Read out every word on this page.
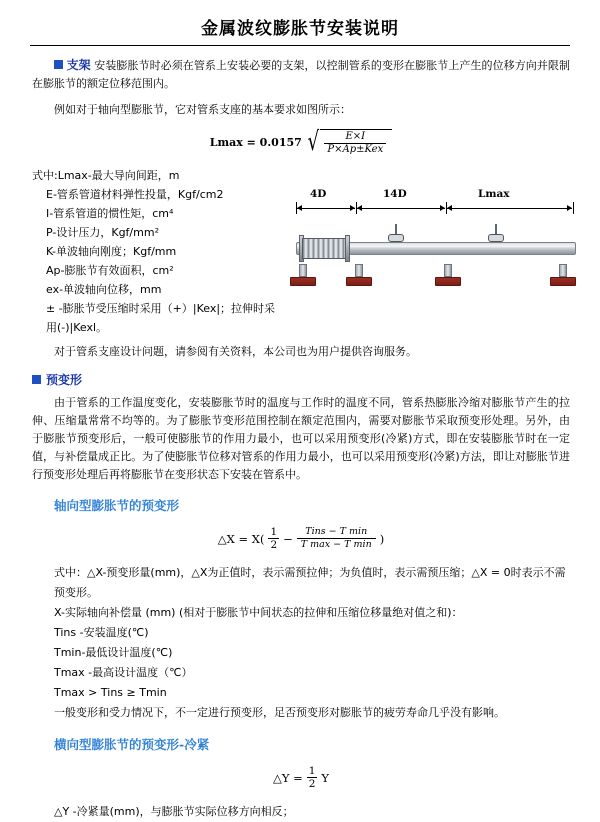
金属波纹膨胀节安装说明

支架 安装膨胀节时必须在管系上安装必要的支架，以控制管系的变形在膨胀节上产生的位移方向并限制在膨胀节的额定位移范围内。

例如对于轴向型膨胀节，它对管系支座的基本要求如图所示：

Lmax = 0.0157 √ $\frac{E\times I}{\text{P×Ap±Kex}}$
式中:Lmax-最大导向间距，m
E-管系管道材料弹性投量，Kgf/cm2
I-管系管道的惯性矩，cm⁴
P-设计压力，Kgf/mm²
K-单波轴向刚度；Kgf/mm
Ap-膨胀节有效面积，cm²
ex-单波轴向位移，mm
± -膨胀节受压缩时采用（+）|Kex|；拉伸时采用(-)|Kexl。
4D	14D	Lmax

对于管系支座设计问题，请参阅有关资料，本公司也为用户提供咨询服务。

预变形

由于管系的工作温度变化，安装膨胀节时的温度与工作时的温度不同，管系热膨胀冷缩对膨胀节产生的拉伸、压缩量常常不均等的。为了膨胀节变形范围控制在额定范围内，需要对膨胀节采取预变形处理。另外，由于膨胀节预变形后，一般可使膨胀节的作用力最小，也可以采用预变形(冷紧)方式，即在安装膨胀节时在一定值，与补偿量成正比。为了使膨胀节位移对管系的作用力最小，也可以采用预变形(冷紧)方法，即让对膨胀节进行预变形处理后再将膨胀节在变形状态下安装在管系中。

轴向型膨胀节的预变形
△X = $X( \frac{1}{2} - \frac{\text{Tins − T min}}{\text{T max − T min}}$ )
式中：△X-预变形量(mm)，△X为正值时，表示需预拉伸；为负值时，表示需预压缩；△X = 0时表示不需预变形。
X-实际轴向补偿量 (mm) (相对于膨胀节中间状态的拉伸和压缩位移量绝对值之和)：
Tins -安装温度(℃)
Tmin-最低设计温度(℃)
Tmax -最高设计温度（℃）
Tmax > Tins ≥ Tmin
一般变形和受力情况下，不一定进行预变形，足否预变形对膨胀节的疲劳寿命几乎没有影响。
横向型膨胀节的预变形-冷紧
△Y = $\frac{1}{2}$ Y
△Y -冷紧量(mm)，与膨胀节实际位移方向相反；
